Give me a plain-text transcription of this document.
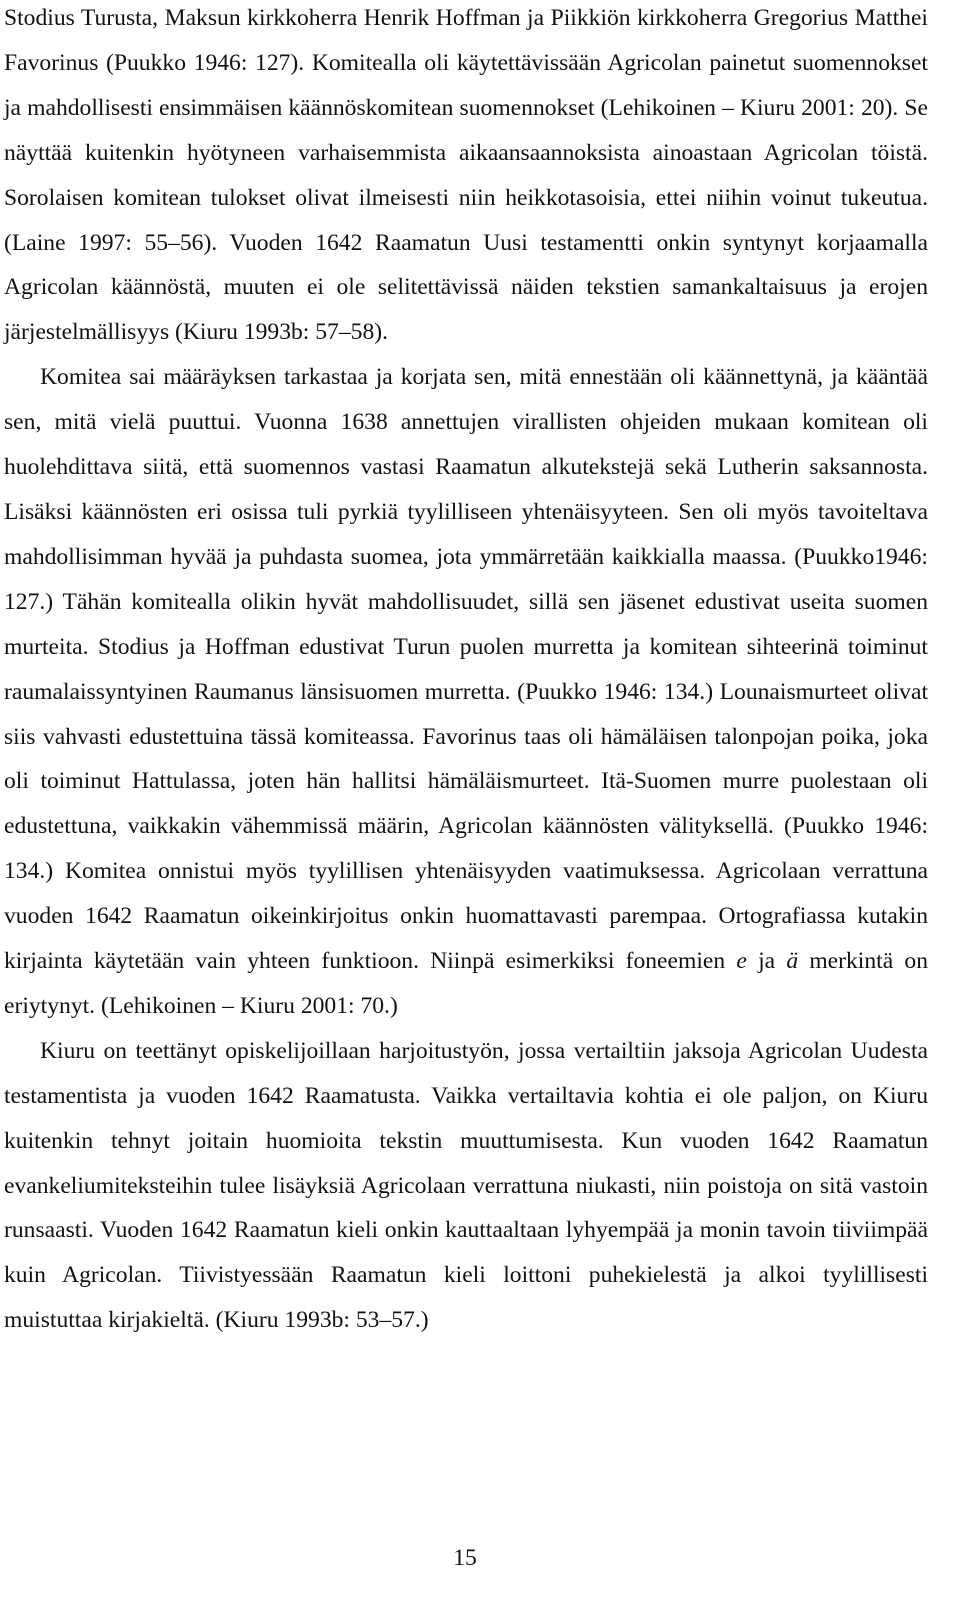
Stodius Turusta, Maksun kirkkoherra Henrik Hoffman ja Piikkiön kirkkoherra Gregorius Matthei Favorinus (Puukko 1946: 127). Komitealla oli käytettävissään Agricolan painetut suomennokset ja mahdollisesti ensimmäisen käännöskomitean suomennokset (Lehikoinen – Kiuru 2001: 20). Se näyttää kuitenkin hyötyneen varhaisemmista aikaansaannoksista ainoastaan Agricolan töistä. Sorolaisen komitean tulokset olivat ilmeisesti niin heikkotasoisia, ettei niihin voinut tukeutua. (Laine 1997: 55–56). Vuoden 1642 Raamatun Uusi testamentti onkin syntynyt korjaamalla Agricolan käännöstä, muuten ei ole selitettävissä näiden tekstien samankaltaisuus ja erojen järjestelmällisyys (Kiuru 1993b: 57–58).

Komitea sai määräyksen tarkastaa ja korjata sen, mitä ennestään oli käännettynä, ja kääntää sen, mitä vielä puuttui. Vuonna 1638 annettujen virallisten ohjeiden mukaan komitean oli huolehdittava siitä, että suomennos vastasi Raamatun alkutekstejä sekä Lutherin saksannosta. Lisäksi käännösten eri osissa tuli pyrkiä tyylilliseen yhtenäisyyteen. Sen oli myös tavoiteltava mahdollisimman hyvää ja puhdasta suomea, jota ymmärretään kaikkialla maassa. (Puukko1946: 127.) Tähän komitealla olikin hyvät mahdollisuudet, sillä sen jäsenet edustivat useita suomen murteita. Stodius ja Hoffman edustivat Turun puolen murretta ja komitean sihteerinä toiminut raumalaissyntyinen Raumanus länsisuomen murretta. (Puukko 1946: 134.) Lounaismurteet olivat siis vahvasti edustettuina tässä komiteassa. Favorinus taas oli hämäläisen talonpojan poika, joka oli toiminut Hattulassa, joten hän hallitsi hämäläismurteet. Itä-Suomen murre puolestaan oli edustettuna, vaikkakin vähemmissä määrin, Agricolan käännösten välityksellä. (Puukko 1946: 134.) Komitea onnistui myös tyylillisen yhtenäisyyden vaatimuksessa. Agricolaan verrattuna vuoden 1642 Raamatun oikeinkirjoitus onkin huomattavasti parempaa. Ortografiassa kutakin kirjainta käytetään vain yhteen funktioon. Niinpä esimerkiksi foneemien e ja ä merkintä on eriytynyt. (Lehikoinen – Kiuru 2001: 70.)

Kiuru on teettänyt opiskelijoillaan harjoitustyön, jossa vertailtiin jaksoja Agricolan Uudesta testamentista ja vuoden 1642 Raamatusta. Vaikka vertailtavia kohtia ei ole paljon, on Kiuru kuitenkin tehnyt joitain huomioita tekstin muuttumisesta. Kun vuoden 1642 Raamatun evankeliumiteksteihin tulee lisäyksiä Agricolaan verrattuna niukasti, niin poistoja on sitä vastoin runsaasti. Vuoden 1642 Raamatun kieli onkin kauttaaltaan lyhyempää ja monin tavoin tiiviimpää kuin Agricolan. Tiivistyessään Raamatun kieli loittoni puhekielestä ja alkoi tyylillisesti muistuttaa kirjakieltä. (Kiuru 1993b: 53–57.)

15
